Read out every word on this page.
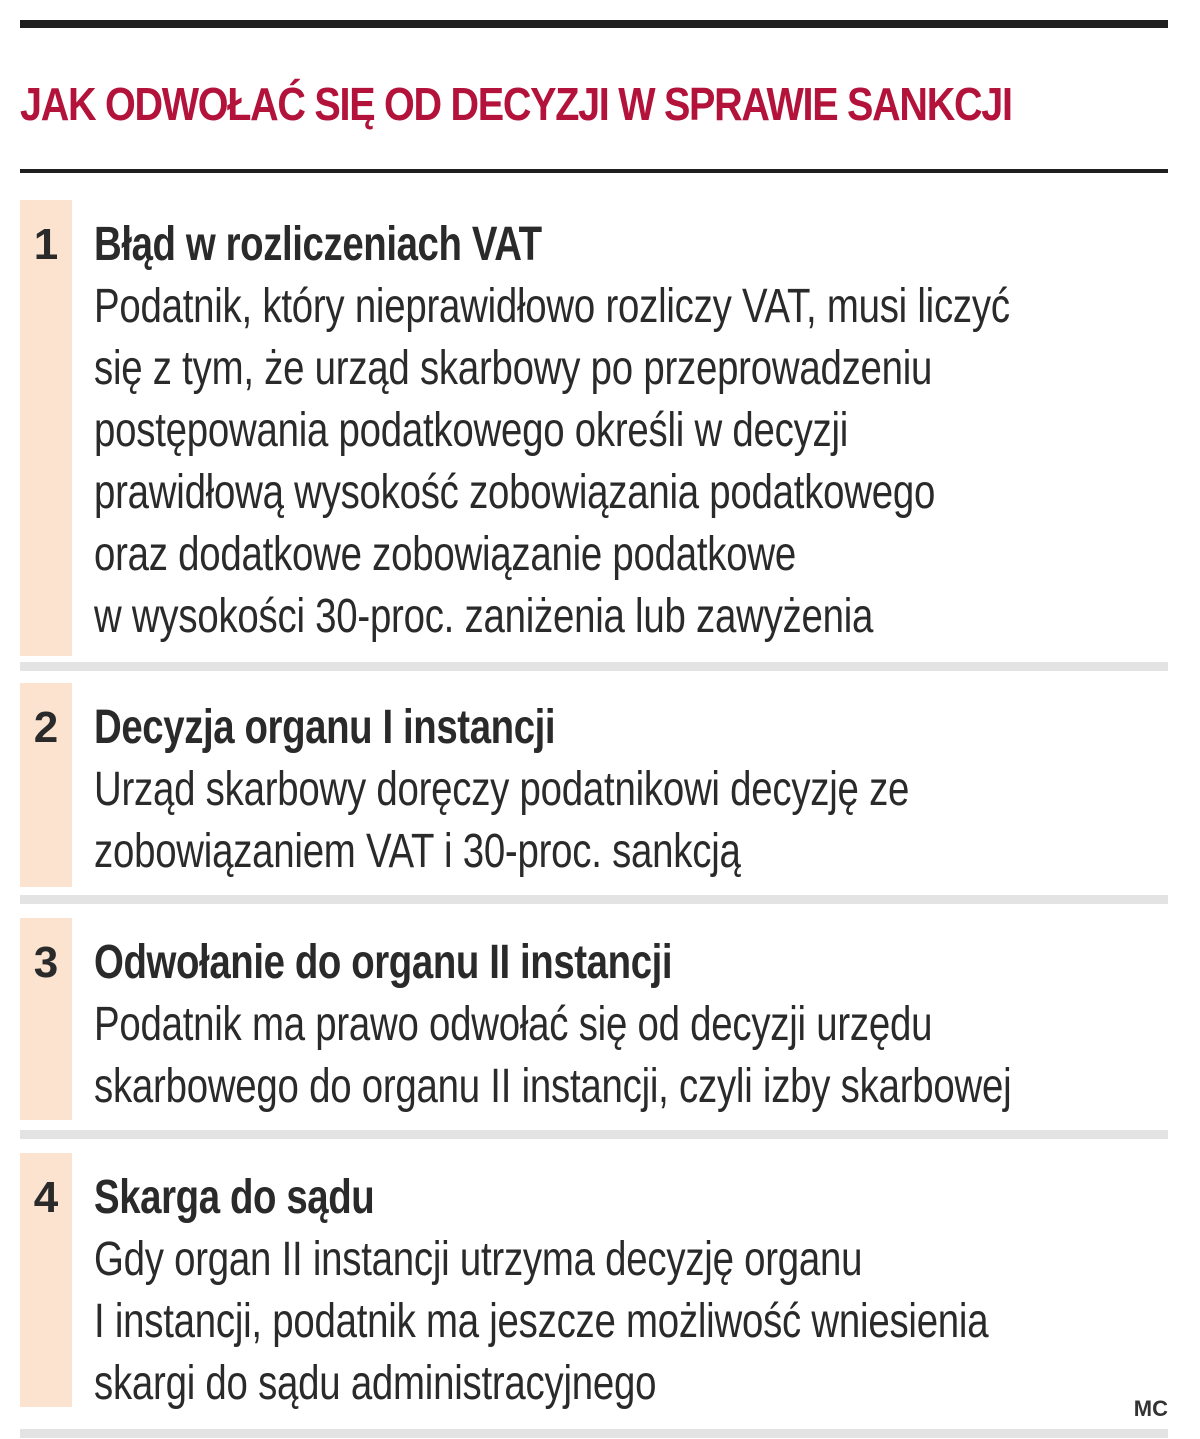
JAK ODWOŁAĆ SIĘ OD DECYZJI W SPRAWIE SANKCJI
1 Błąd w rozliczeniach VAT
Podatnik, który nieprawidłowo rozliczy VAT, musi liczyć
się z tym, że urząd skarbowy po przeprowadzeniu
postępowania podatkowego określi w decyzji
prawidłową wysokość zobowiązania podatkowego
oraz dodatkowe zobowiązanie podatkowe
w wysokości 30-proc. zaniżenia lub zawyżenia
2 Decyzja organu I instancji
Urząd skarbowy doręczy podatnikowi decyzję ze
zobowiązaniem VAT i 30-proc. sankcją
3 Odwołanie do organu II instancji
Podatnik ma prawo odwołać się od decyzji urzędu
skarbowego do organu II instancji, czyli izby skarbowej
4 Skarga do sądu
Gdy organ II instancji utrzyma decyzję organu
I instancji, podatnik ma jeszcze możliwość wniesienia
skargi do sądu administracyjnego	MC
